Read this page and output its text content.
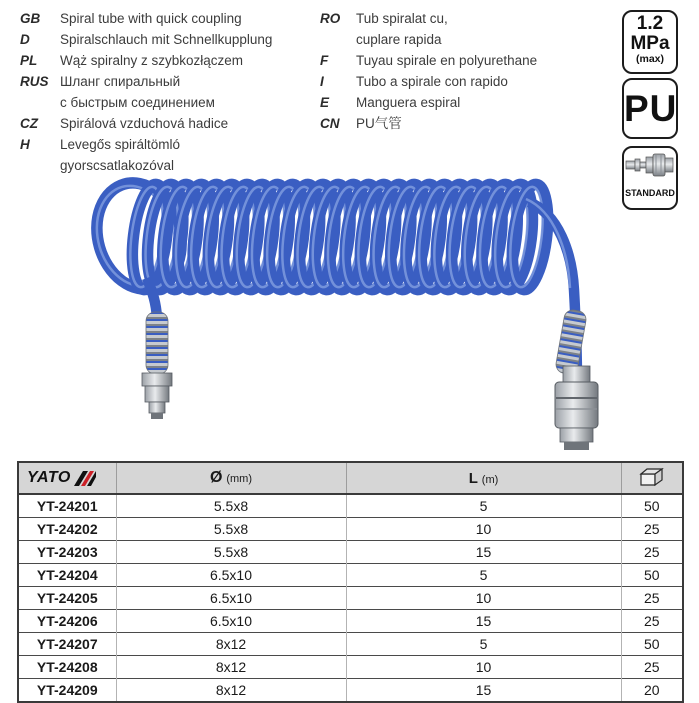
GB	Spiral tube with quick coupling
D	Spiralschlauch mit Schnellkupplung
PL	Wąż spiralny z szybkozłączem
RUS Шланг спиральный
с быстрым соединением
CZ	Spirálová vzduchová hadice
H	Levegős spiráltömló
gyorscsatlakozóval
RO	Tub spiralat cu,
cuplare rapida
F	Tuyau spirale en polyurethane
I	Tubo a spirale con rapido
E	Manguera espiral
CN	PU气管
1.2
MPa
(max)
PU
STANDARD
YATO	Ø (mm)	L (m)	
YT-24201	5.5x8	5	50
YT-24202	5.5x8	10	25
YT-24203	5.5x8	15	25
YT-24204	6.5x10	5	50
YT-24205	6.5x10	10	25
YT-24206	6.5x10	15	25
YT-24207	8x12	5	50
YT-24208	8x12	10	25
YT-24209	8x12	15	20
